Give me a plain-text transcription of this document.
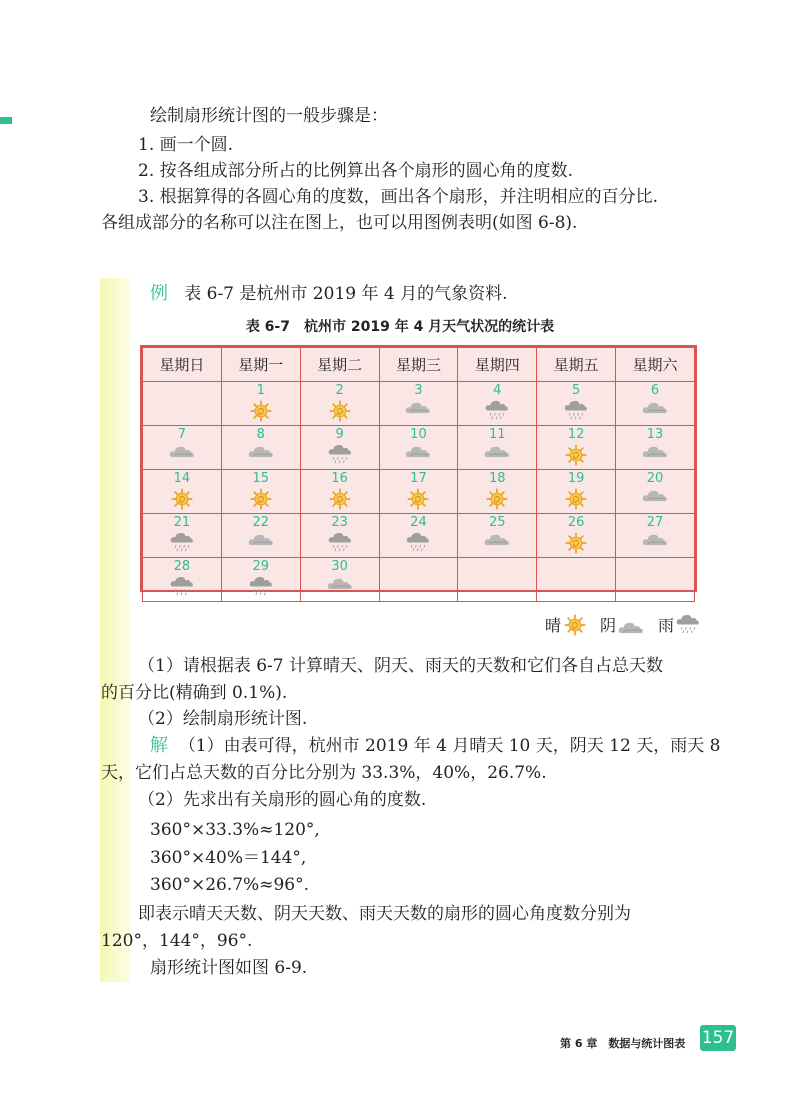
绘制扇形统计图的一般步骤是：
1. 画一个圆.
2. 按各组成部分所占的比例算出各个扇形的圆心角的度数.
3. 根据算得的各圆心角的度数，画出各个扇形，并注明相应的百分比.
各组成部分的名称可以注在图上，也可以用图例表明(如图 6-8).
例 表 6-7 是杭州市 2019 年 4 月的气象资料.
表 6-7　杭州市 2019 年 4 月天气状况的统计表
星期日	星期一	星期二	星期三	星期四	星期五	星期六

	1	2	3	4	5	6

7	8	9	10	11	12	13

14	15	16	17	18	19	20

21	22	23	24	25	26	27

28	29	30				

晴 阴	雨
（1）请根据表 6-7 计算晴天、阴天、雨天的天数和它们各自占总天数
的百分比(精确到 0.1%).
（2）绘制扇形统计图.
解 （1）由表可得，杭州市 2019 年 4 月晴天 10 天，阴天 12 天，雨天 8
天，它们占总天数的百分比分别为 33.3%，40%，26.7%.
（2）先求出有关扇形的圆心角的度数.
360°×33.3%≈120°,
360°×40%＝144°,
360°×26.7%≈96°.
即表示晴天天数、阴天天数、雨天天数的扇形的圆心角度数分别为
120°，144°，96°.
扇形统计图如图 6-9.
第 6 章　数据与统计图表 157
